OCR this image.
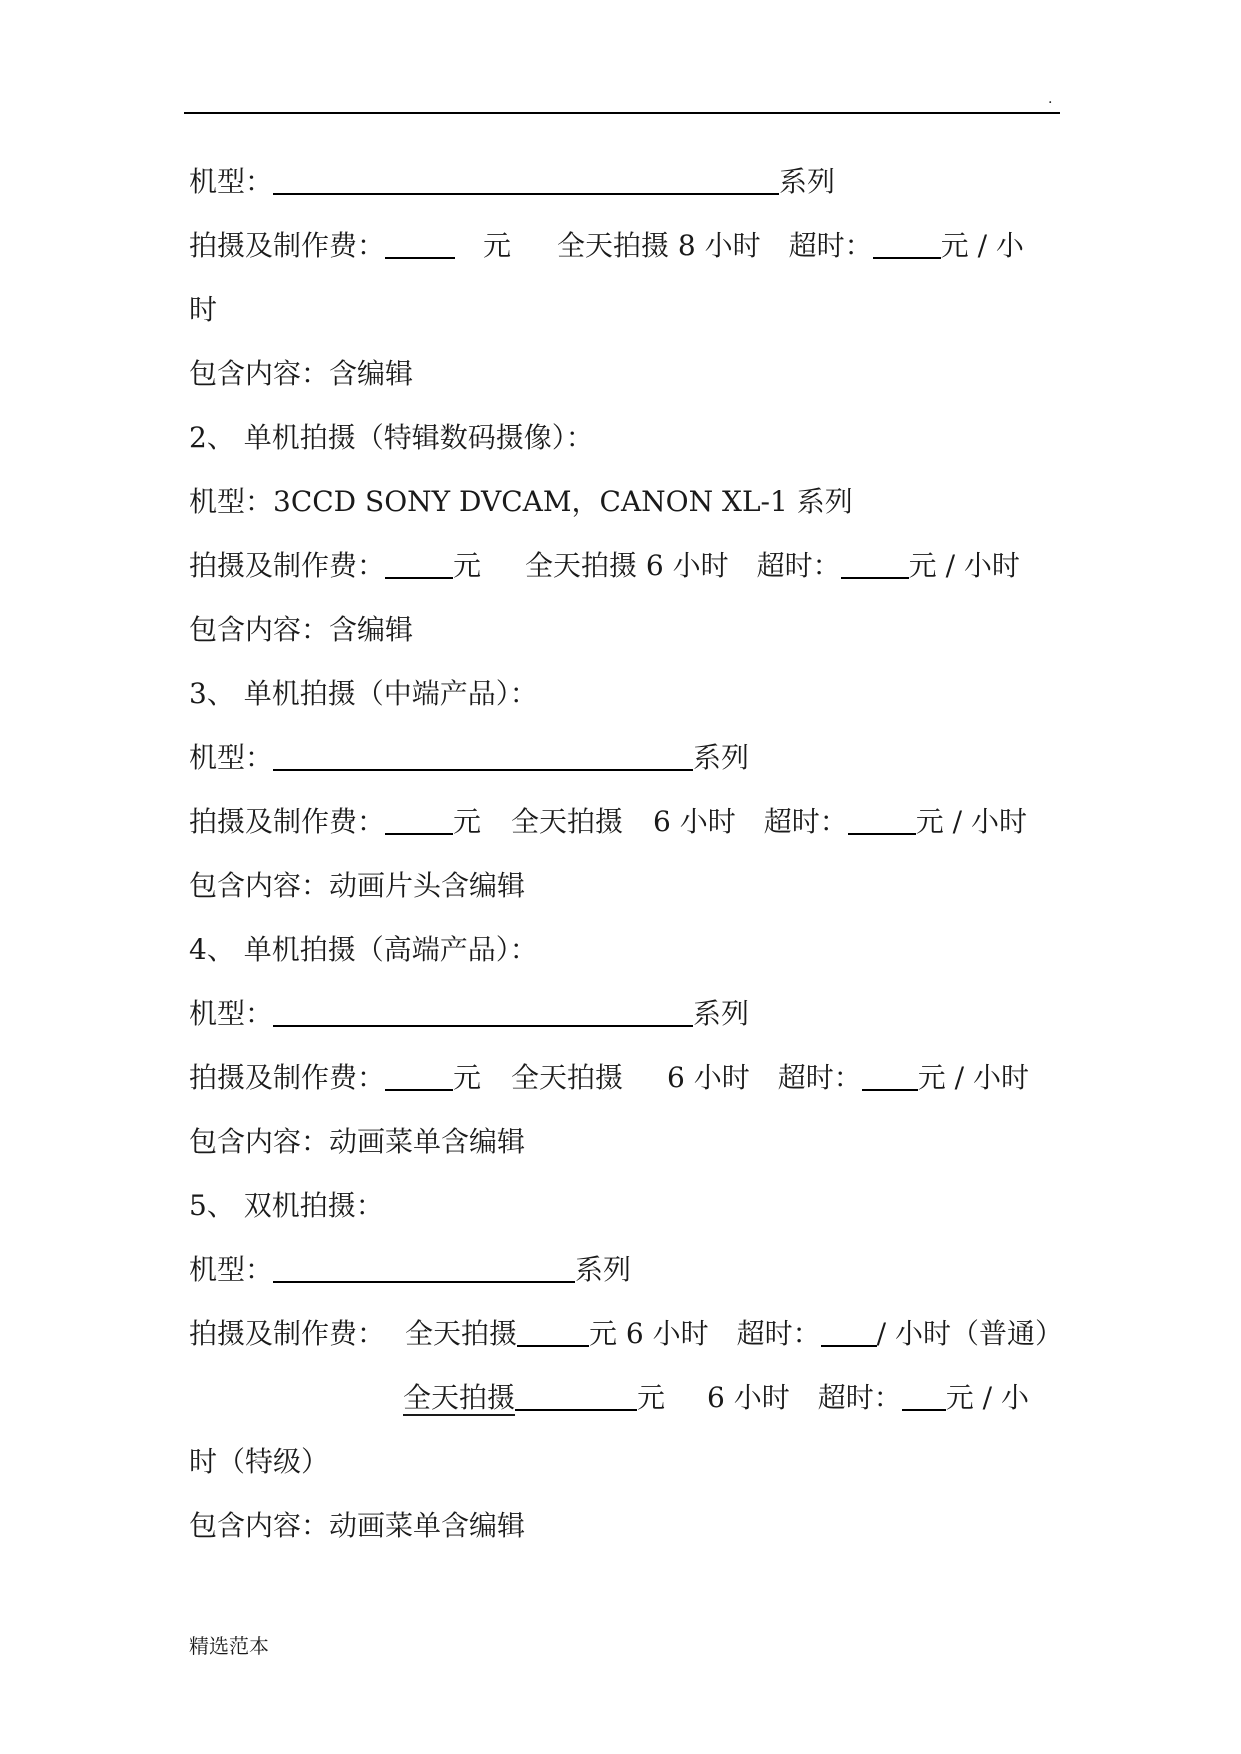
.
机型：	系列
拍摄及制作费：	元 全天拍摄 8 小时 超时： 元 / 小
时
包含内容：含编辑
2、 单机拍摄（特辑数码摄像）：
机型：3CCD SONY DVCAM，CANON XL-1 系列
拍摄及制作费： 元 全天拍摄 6 小时 超时： 元 / 小时
包含内容：含编辑
3、 单机拍摄（中端产品）：
机型：	系列
拍摄及制作费： 元 全天拍摄 6 小时 超时： 元 / 小时
包含内容：动画片头含编辑
4、 单机拍摄（高端产品）：
机型：	系列
拍摄及制作费： 元 全天拍摄 6 小时 超时： 元 / 小时
包含内容：动画菜单含编辑
5、 双机拍摄：
机型：	系列
拍摄及制作费： 全天拍摄	元 6 小时 超时： / 小时（普通）
全天拍摄	元 6 小时 超时： 元 / 小
时（特级）
包含内容：动画菜单含编辑
精选范本
